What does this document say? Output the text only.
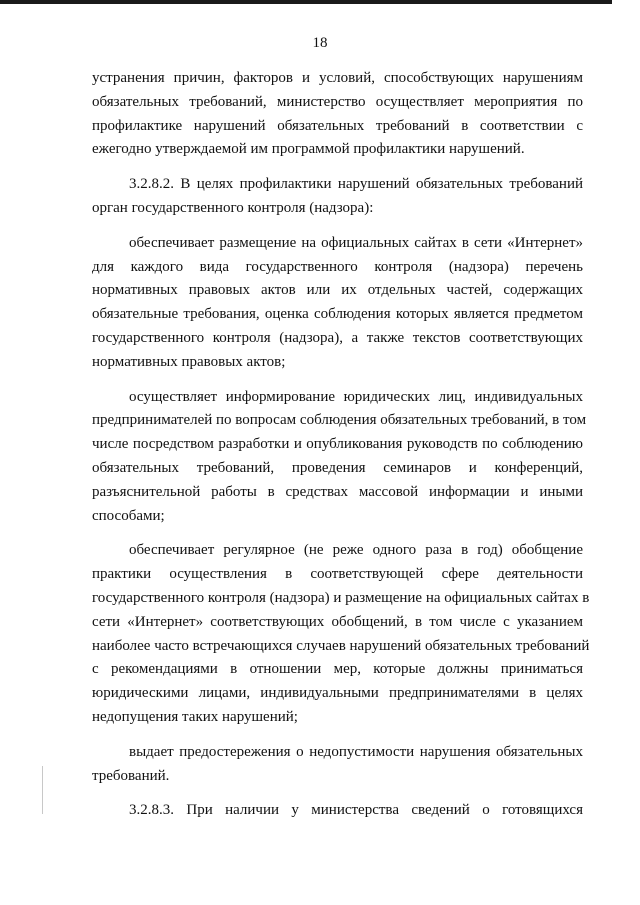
18
устранения причин, факторов и условий, способствующих нарушениям
обязательных требований, министерство осуществляет мероприятия по
профилактике нарушений обязательных требований в соответствии с
ежегодно утверждаемой им программой профилактики нарушений.
3.2.8.2. В целях профилактики нарушений обязательных требований
орган государственного контроля (надзора):
обеспечивает размещение на официальных сайтах в сети «Интернет»
для каждого вида государственного контроля (надзора) перечень
нормативных правовых актов или их отдельных частей, содержащих
обязательные требования, оценка соблюдения которых является предметом
государственного контроля (надзора), а также текстов соответствующих
нормативных правовых актов;
осуществляет информирование юридических лиц, индивидуальных
предпринимателей по вопросам соблюдения обязательных требований, в том
числе посредством разработки и опубликования руководств по соблюдению
обязательных требований, проведения семинаров и конференций,
разъяснительной работы в средствах массовой информации и иными
способами;
обеспечивает регулярное (не реже одного раза в год) обобщение
практики осуществления в соответствующей сфере деятельности
государственного контроля (надзора) и размещение на официальных сайтах в
сети «Интернет» соответствующих обобщений, в том числе с указанием
наиболее часто встречающихся случаев нарушений обязательных требований
с рекомендациями в отношении мер, которые должны приниматься
юридическими лицами, индивидуальными предпринимателями в целях
недопущения таких нарушений;
выдает предостережения о недопустимости нарушения обязательных
требований.
3.2.8.3. При наличии у министерства сведений о готовящихся
